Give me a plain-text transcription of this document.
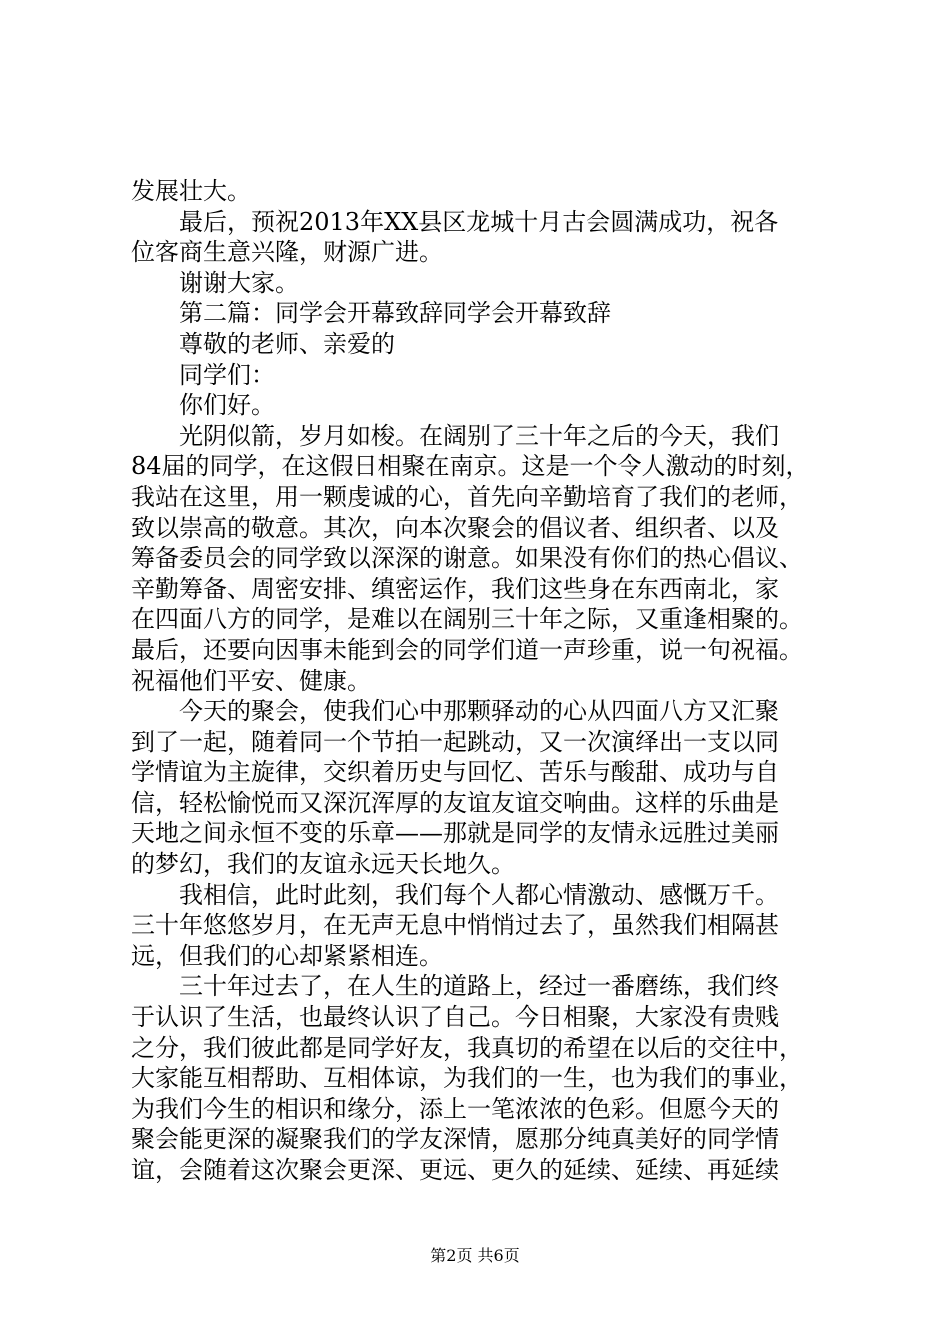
发展壮大。
最后，预祝2013年XX县区龙城十月古会圆满成功，祝各
位客商生意兴隆，财源广进。
谢谢大家。
第二篇：同学会开幕致辞同学会开幕致辞
尊敬的老师、亲爱的
同学们：
你们好。
光阴似箭，岁月如梭。在阔别了三十年之后的今天，我们
84届的同学，在这假日相聚在南京。这是一个令人激动的时刻，
我站在这里，用一颗虔诚的心，首先向辛勤培育了我们的老师，
致以崇高的敬意。其次，向本次聚会的倡议者、组织者、以及
筹备委员会的同学致以深深的谢意。如果没有你们的热心倡议、
辛勤筹备、周密安排、缜密运作，我们这些身在东西南北，家
在四面八方的同学，是难以在阔别三十年之际，又重逢相聚的。
最后，还要向因事未能到会的同学们道一声珍重，说一句祝福。
祝福他们平安、健康。
今天的聚会，使我们心中那颗驿动的心从四面八方又汇聚
到了一起，随着同一个节拍一起跳动，又一次演绎出一支以同
学情谊为主旋律，交织着历史与回忆、苦乐与酸甜、成功与自
信，轻松愉悦而又深沉浑厚的友谊友谊交响曲。这样的乐曲是
天地之间永恒不变的乐章——那就是同学的友情永远胜过美丽
的梦幻，我们的友谊永远天长地久。
我相信，此时此刻，我们每个人都心情激动、感慨万千。
三十年悠悠岁月，在无声无息中悄悄过去了，虽然我们相隔甚
远，但我们的心却紧紧相连。
三十年过去了，在人生的道路上，经过一番磨练，我们终
于认识了生活，也最终认识了自己。今日相聚，大家没有贵贱
之分，我们彼此都是同学好友，我真切的希望在以后的交往中，
大家能互相帮助、互相体谅，为我们的一生，也为我们的事业，
为我们今生的相识和缘分，添上一笔浓浓的色彩。但愿今天的
聚会能更深的凝聚我们的学友深情，愿那分纯真美好的同学情
谊，会随着这次聚会更深、更远、更久的延续、延续、再延续
第2页 共6页
